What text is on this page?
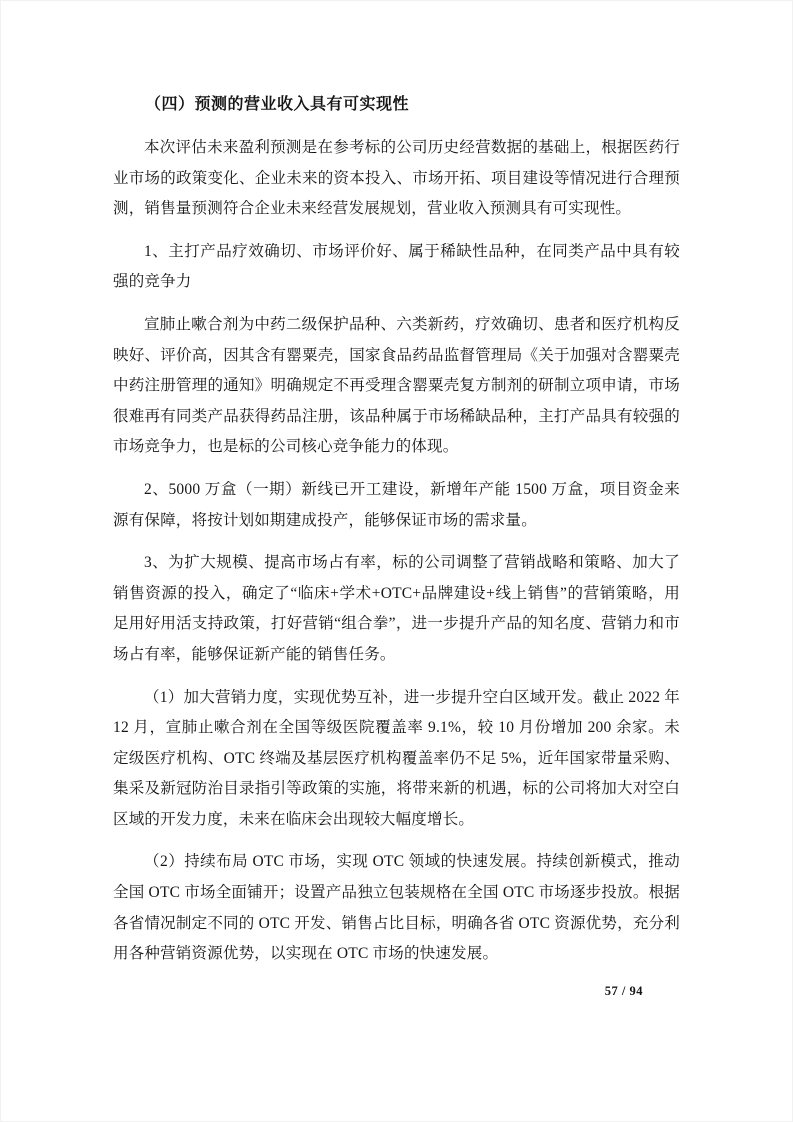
（四）预测的营业收入具有可实现性

本次评估未来盈利预测是在参考标的公司历史经营数据的基础上，根据医药行业市场的政策变化、企业未来的资本投入、市场开拓、项目建设等情况进行合理预测，销售量预测符合企业未来经营发展规划，营业收入预测具有可实现性。

1、主打产品疗效确切、市场评价好、属于稀缺性品种，在同类产品中具有较强的竞争力

宣肺止嗽合剂为中药二级保护品种、六类新药，疗效确切、患者和医疗机构反映好、评价高，因其含有罂粟壳，国家食品药品监督管理局《关于加强对含罂粟壳中药注册管理的通知》明确规定不再受理含罂粟壳复方制剂的研制立项申请，市场很难再有同类产品获得药品注册，该品种属于市场稀缺品种，主打产品具有较强的市场竞争力，也是标的公司核心竞争能力的体现。

2、5000 万盒（一期）新线已开工建设，新增年产能 1500 万盒，项目资金来源有保障，将按计划如期建成投产，能够保证市场的需求量。

3、为扩大规模、提高市场占有率，标的公司调整了营销战略和策略、加大了销售资源的投入，确定了“临床+学术+OTC+品牌建设+线上销售”的营销策略，用足用好用活支持政策，打好营销“组合拳”，进一步提升产品的知名度、营销力和市场占有率，能够保证新产能的销售任务。

（1）加大营销力度，实现优势互补，进一步提升空白区域开发。截止 2022 年 12 月，宣肺止嗽合剂在全国等级医院覆盖率 9.1%，较 10 月份增加 200 余家。未定级医疗机构、OTC 终端及基层医疗机构覆盖率仍不足 5%，近年国家带量采购、集采及新冠防治目录指引等政策的实施，将带来新的机遇，标的公司将加大对空白区域的开发力度，未来在临床会出现较大幅度增长。

（2）持续布局 OTC 市场，实现 OTC 领域的快速发展。持续创新模式，推动全国 OTC 市场全面铺开；设置产品独立包装规格在全国 OTC 市场逐步投放。根据各省情况制定不同的 OTC 开发、销售占比目标，明确各省 OTC 资源优势，充分利用各种营销资源优势，以实现在 OTC 市场的快速发展。

57 / 94
